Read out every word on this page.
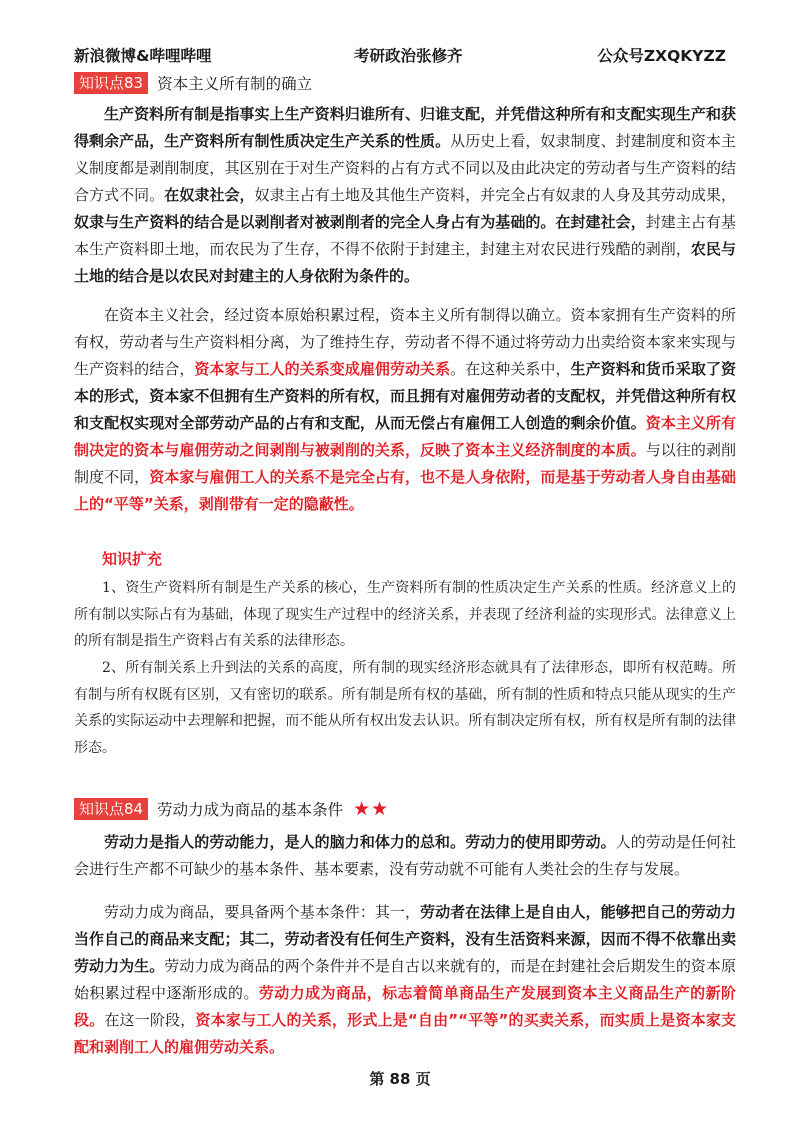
新浪微博&哔哩哔哩	考研政治张修齐	公众号ZXQKYZZ
知识点83 资本主义所有制的确立

生产资料所有制是指事实上生产资料归谁所有、归谁支配，并凭借这种所有和支配实现生产和获得剩余产品，生产资料所有制性质决定生产关系的性质。从历史上看，奴隶制度、封建制度和资本主义制度都是剥削制度，其区别在于对生产资料的占有方式不同以及由此决定的劳动者与生产资料的结合方式不同。在奴隶社会，奴隶主占有土地及其他生产资料，并完全占有奴隶的人身及其劳动成果，奴隶与生产资料的结合是以剥削者对被剥削者的完全人身占有为基础的。在封建社会，封建主占有基本生产资料即土地，而农民为了生存，不得不依附于封建主，封建主对农民进行残酷的剥削，农民与土地的结合是以农民对封建主的人身依附为条件的。

在资本主义社会，经过资本原始积累过程，资本主义所有制得以确立。资本家拥有生产资料的所有权，劳动者与生产资料相分离，为了维持生存，劳动者不得不通过将劳动力出卖给资本家来实现与生产资料的结合，资本家与工人的关系变成雇佣劳动关系。在这种关系中，生产资料和货币采取了资本的形式，资本家不但拥有生产资料的所有权，而且拥有对雇佣劳动者的支配权，并凭借这种所有权和支配权实现对全部劳动产品的占有和支配，从而无偿占有雇佣工人创造的剩余价值。资本主义所有制决定的资本与雇佣劳动之间剥削与被剥削的关系，反映了资本主义经济制度的本质。与以往的剥削制度不同，资本家与雇佣工人的关系不是完全占有，也不是人身依附，而是基于劳动者人身自由基础上的“平等”关系，剥削带有一定的隐蔽性。

知识扩充

1、资生产资料所有制是生产关系的核心，生产资料所有制的性质决定生产关系的性质。经济意义上的所有制以实际占有为基础，体现了现实生产过程中的经济关系，并表现了经济利益的实现形式。法律意义上的所有制是指生产资料占有关系的法律形态。

2、所有制关系上升到法的关系的高度，所有制的现实经济形态就具有了法律形态，即所有权范畴。所有制与所有权既有区别，又有密切的联系。所有制是所有权的基础，所有制的性质和特点只能从现实的生产关系的实际运动中去理解和把握，而不能从所有权出发去认识。所有制决定所有权，所有权是所有制的法律形态。

知识点84 劳动力成为商品的基本条件 ★★

劳动力是指人的劳动能力，是人的脑力和体力的总和。劳动力的使用即劳动。人的劳动是任何社会进行生产都不可缺少的基本条件、基本要素，没有劳动就不可能有人类社会的生存与发展。

劳动力成为商品，要具备两个基本条件：其一，劳动者在法律上是自由人，能够把自己的劳动力当作自己的商品来支配；其二，劳动者没有任何生产资料，没有生活资料来源，因而不得不依靠出卖劳动力为生。劳动力成为商品的两个条件并不是自古以来就有的，而是在封建社会后期发生的资本原始积累过程中逐渐形成的。劳动力成为商品，标志着简单商品生产发展到资本主义商品生产的新阶段。在这一阶段，资本家与工人的关系，形式上是“自由”“平等”的买卖关系，而实质上是资本家支配和剥削工人的雇佣劳动关系。

第 88 页
